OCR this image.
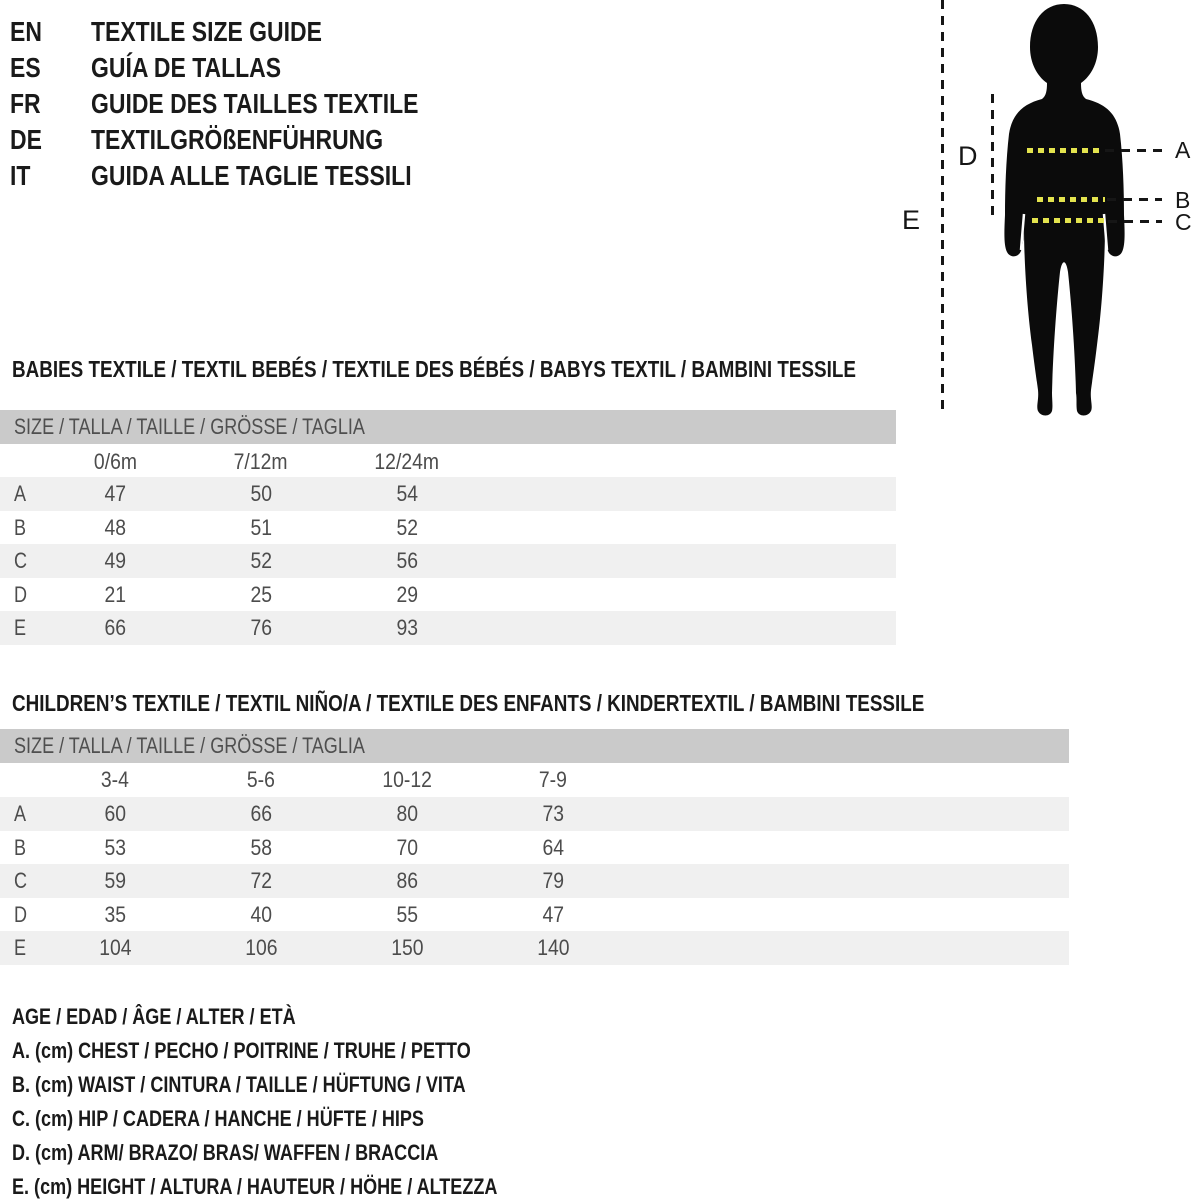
EN	TEXTILE SIZE GUIDE
ES	GUÍA DE TALLAS
FR	GUIDE DES TAILLES TEXTILE
DE	TEXTILGRÖßENFÜHRUNG
IT	GUIDA ALLE TAGLIE TESSILI
A
B
C
D
E
BABIES TEXTILE / TEXTIL BEBÉS / TEXTILE DES BÉBÉS / BABYS TEXTIL / BAMBINI TESSILE
SIZE / TALLA / TAILLE / GRÖSSE / TAGLIA
0/6m	7/12m	12/24m
A	47	50	54
B	48	51	52
C	49	52	56
D	21	25	29
E	66	76	93
CHILDREN’S TEXTILE / TEXTIL NIÑO/A / TEXTILE DES ENFANTS / KINDERTEXTIL / BAMBINI TESSILE
SIZE / TALLA / TAILLE / GRÖSSE / TAGLIA
3-4	5-6	10-12	7-9
A	60	66	80	73
B	53	58	70	64
C	59	72	86	79
D	35	40	55	47
E	104	106	150	140
AGE / EDAD / ÂGE / ALTER / ETÀ
A. (cm) CHEST / PECHO / POITRINE / TRUHE / PETTO
B. (cm) WAIST / CINTURA / TAILLE / HÜFTUNG / VITA
C. (cm) HIP / CADERA / HANCHE / HÜFTE / HIPS
D. (cm) ARM/ BRAZO/ BRAS/ WAFFEN / BRACCIA
E. (cm) HEIGHT / ALTURA / HAUTEUR / HÖHE / ALTEZZA
